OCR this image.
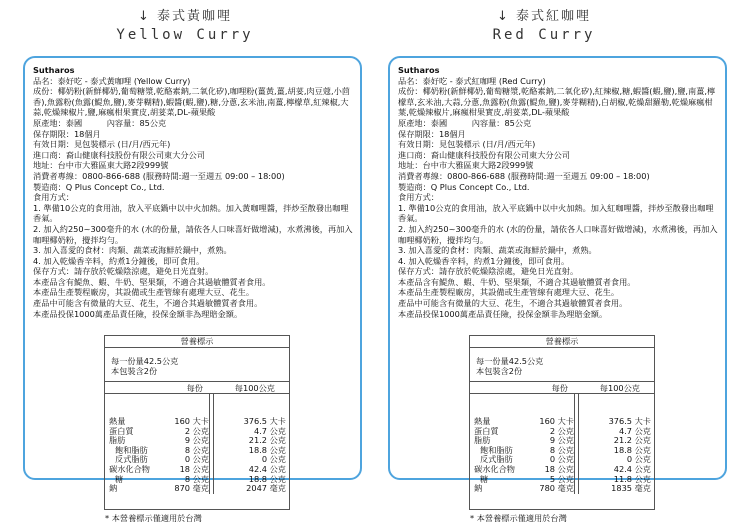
↓ 泰式黃咖哩
Yellow Curry
↓ 泰式紅咖哩
Red Curry
Sutharos
品名：泰好吃 - 泰式黃咖哩 (Yellow Curry)
成份：椰奶粉(新鮮椰奶,葡萄糖漿,乾酪素鈉,二氧化矽),咖哩粉(薑黃,薑,胡荽,肉豆蔻,小茴香),魚露粉(魚露(鯷魚,鹽),麥芽糊精),蝦醬(蝦,鹽),糖,分蔥,玄米油,南薑,檸檬草,紅辣椒,大蒜,乾燥辣椒片,鹽,麻瘋柑果實皮,胡荽菜,DL-蘋果酸
原產地：泰國　　　內容量：85公克
保存期限：18個月
有效日期：見包裝標示 (日/月/西元年)
進口商：裔山健康科技股份有限公司東大分公司
地址：台中市大雅區東大路2段999號
消費者專線：0800-866-688 (服務時間:週一至週五 09:00 – 18:00)
製造商：Q Plus Concept Co., Ltd.
食用方式：
1. 準備10公克的食用油，放入平底鍋中以中火加熱。加入黃咖哩醬，拌炒至散發出咖哩香氣。
2. 加入約250~300毫升的水 (水的份量，請依各人口味喜好做增減)，水煮沸後，再加入咖哩椰奶粉，攪拌均勻。
3. 加入喜愛的食材：肉類、蔬菜或海鮮於鍋中，煮熟。
4. 加入乾燥香辛料，約煮1分鐘後，即可食用。
保存方式：請存放於乾燥陰涼處，避免日光直射。
本產品含有鯷魚、蝦、牛奶、堅果類，不適合其過敏體質者食用。
本產品生產製程廠房，其設備或生產管線有處理大豆、花生。
產品中可能含有微量的大豆、花生，不適合其過敏體質者食用。
本產品投保1000萬產品責任險，投保金額非為理賠金額。
營養標示
每一份量42.5公克
本包裝含2份
每份	每100公克
熱量	160 大卡	376.5 大卡
蛋白質	2 公克	4.7 公克
脂肪	9 公克	21.2 公克
飽和脂肪	8 公克	18.8 公克
反式脂肪	0 公克	0 公克
碳水化合物	18 公克	42.4 公克
糖	8 公克	18.8 公克
鈉	870 毫克	2047 毫克
* 本營養標示僅適用於台灣
Sutharos
品名：泰好吃 - 泰式紅咖哩 (Red Curry)
成份：椰奶粉(新鮮椰奶,葡萄糖漿,乾酪素鈉,二氧化矽),紅辣椒,糖,蝦醬(蝦,鹽),鹽,南薑,檸檬草,玄米油,大蒜,分蔥,魚露粉(魚露(鯷魚,鹽),麥芽糊精),白胡椒,乾燥甜羅勒,乾燥麻瘋柑葉,乾燥辣椒片,麻瘋柑果實皮,胡荽菜,DL-蘋果酸
原產地：泰國　　　內容量：85公克
保存期限：18個月
有效日期：見包裝標示 (日/月/西元年)
進口商：裔山健康科技股份有限公司東大分公司
地址：台中市大雅區東大路2段999號
消費者專線：0800-866-688 (服務時間:週一至週五 09:00 – 18:00)
製造商：Q Plus Concept Co., Ltd.
食用方式：
1. 準備10公克的食用油，放入平底鍋中以中火加熱。加入紅咖哩醬，拌炒至散發出咖哩香氣。
2. 加入約250~300毫升的水 (水的份量，請依各人口味喜好做增減)，水煮沸後，再加入咖哩椰奶粉，攪拌均勻。
3. 加入喜愛的食材：肉類、蔬菜或海鮮於鍋中，煮熟。
4. 加入乾燥香辛料，約煮1分鐘後，即可食用。
保存方式：請存放於乾燥陰涼處，避免日光直射。
本產品含有鯷魚、蝦、牛奶、堅果類，不適合其過敏體質者食用。
本產品生產製程廠房，其設備或生產管線有處理大豆、花生。
產品中可能含有微量的大豆、花生，不適合其過敏體質者食用。
本產品投保1000萬產品責任險，投保金額非為理賠金額。
營養標示
每一份量42.5公克
本包裝含2份
每份	每100公克
熱量	160 大卡	376.5 大卡
蛋白質	2 公克	4.7 公克
脂肪	9 公克	21.2 公克
飽和脂肪	8 公克	18.8 公克
反式脂肪	0 公克	0 公克
碳水化合物	18 公克	42.4 公克
糖	5 公克	11.8 公克
鈉	780 毫克	1835 毫克
* 本營養標示僅適用於台灣
